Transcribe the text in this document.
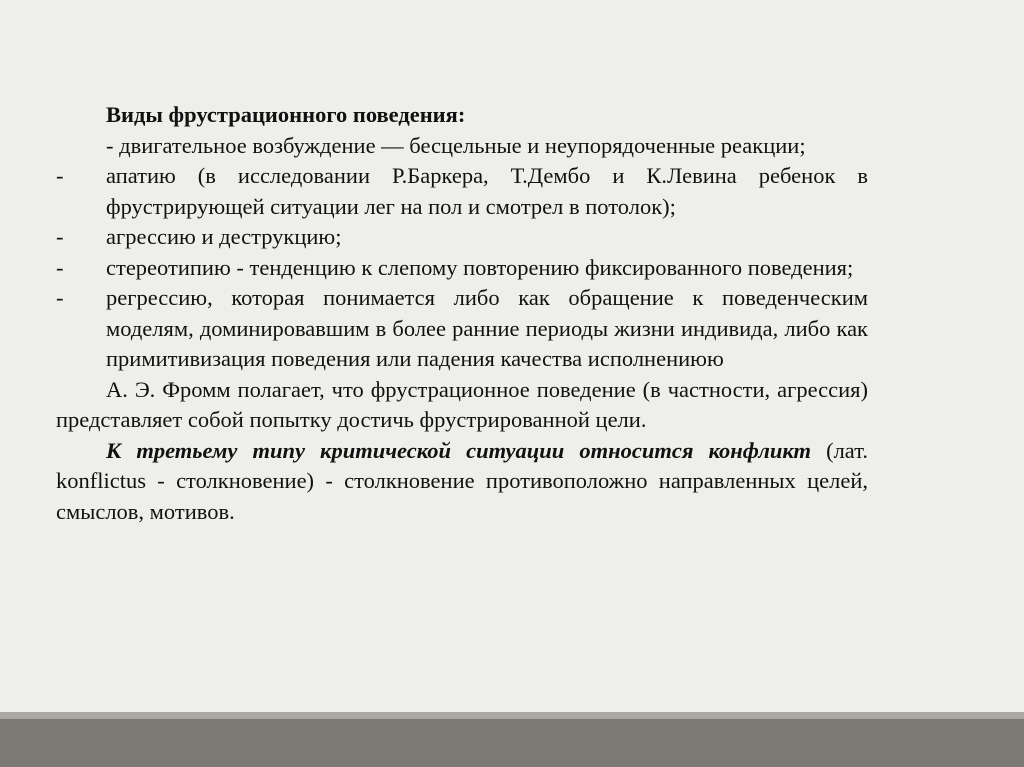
Виды фрустрационного поведения:

- двигательное возбуждение — бесцельные и неупорядоченные реакции;

-	апатию (в исследовании Р.Баркера, Т.Дембо и К.Левина ребенок в фрустрирующей ситуации лег на пол и смотрел в потолок);
-	агрессию и деструкцию;
-	стереотипию - тенденцию к слепому повторению фиксированного поведения;
-	регрессию, которая понимается либо как обращение к поведенческим моделям, доминировавшим в более ранние периоды жизни индивида, либо как примитивизация поведения или падения качества исполнениюю

А. Э. Фромм полагает, что фрустрационное поведение (в частности, агрессия) представляет собой попытку достичь фрустрированной цели.

К третьему типу критической ситуации относится конфликт (лат. konflictus - столкновение) - столкновение противоположно направленных целей, смыслов, мотивов.
